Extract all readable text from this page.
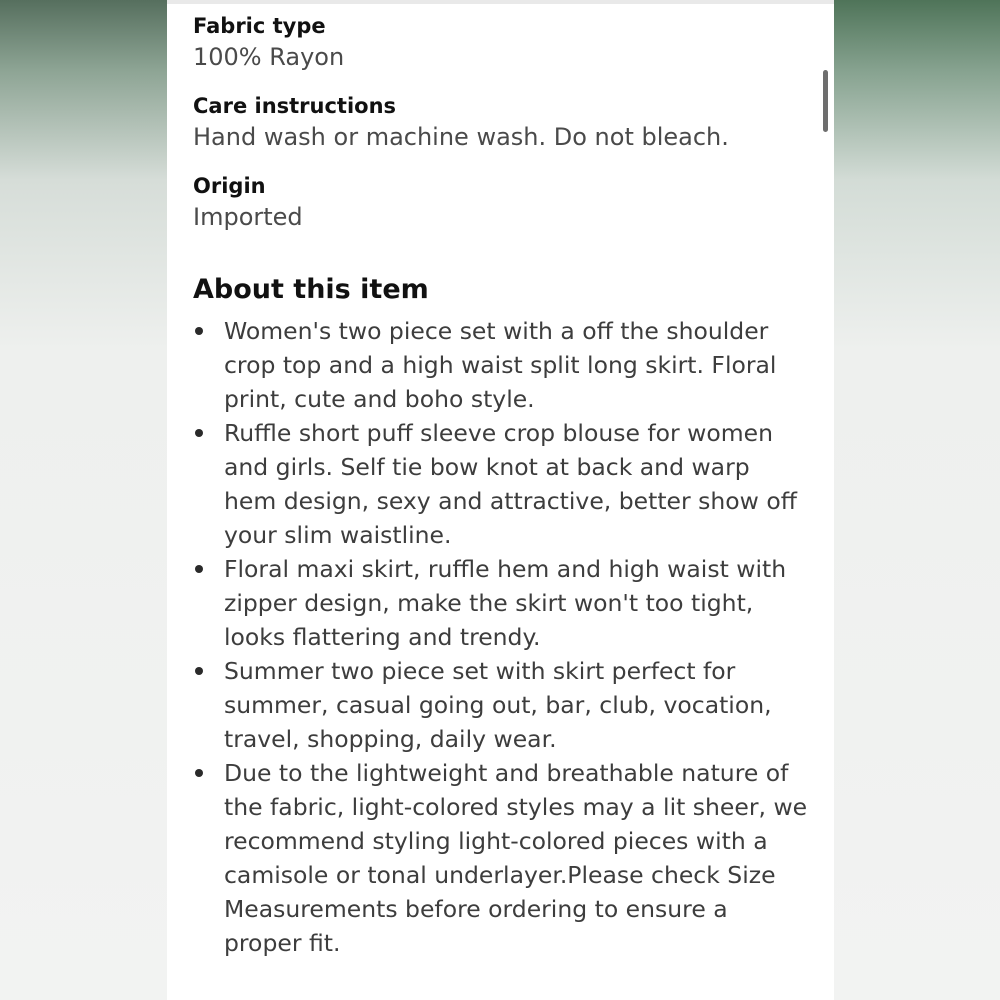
Fabric type
100% Rayon
Care instructions
Hand wash or machine wash. Do not bleach.
Origin
Imported
About this item
Women's two piece set with a off the shoulder crop top and a high waist split long skirt. Floral print, cute and boho style.
Ruffle short puff sleeve crop blouse for women and girls. Self tie bow knot at back and warp hem design, sexy and attractive, better show off your slim waistline.
Floral maxi skirt, ruffle hem and high waist with zipper design, make the skirt won't too tight, looks flattering and trendy.
Summer two piece set with skirt perfect for summer, casual going out, bar, club, vocation, travel, shopping, daily wear.
Due to the lightweight and breathable nature of the fabric, light-colored styles may a lit sheer, we recommend styling light-colored pieces with a camisole or tonal underlayer.Please check Size Measurements before ordering to ensure a proper fit.
